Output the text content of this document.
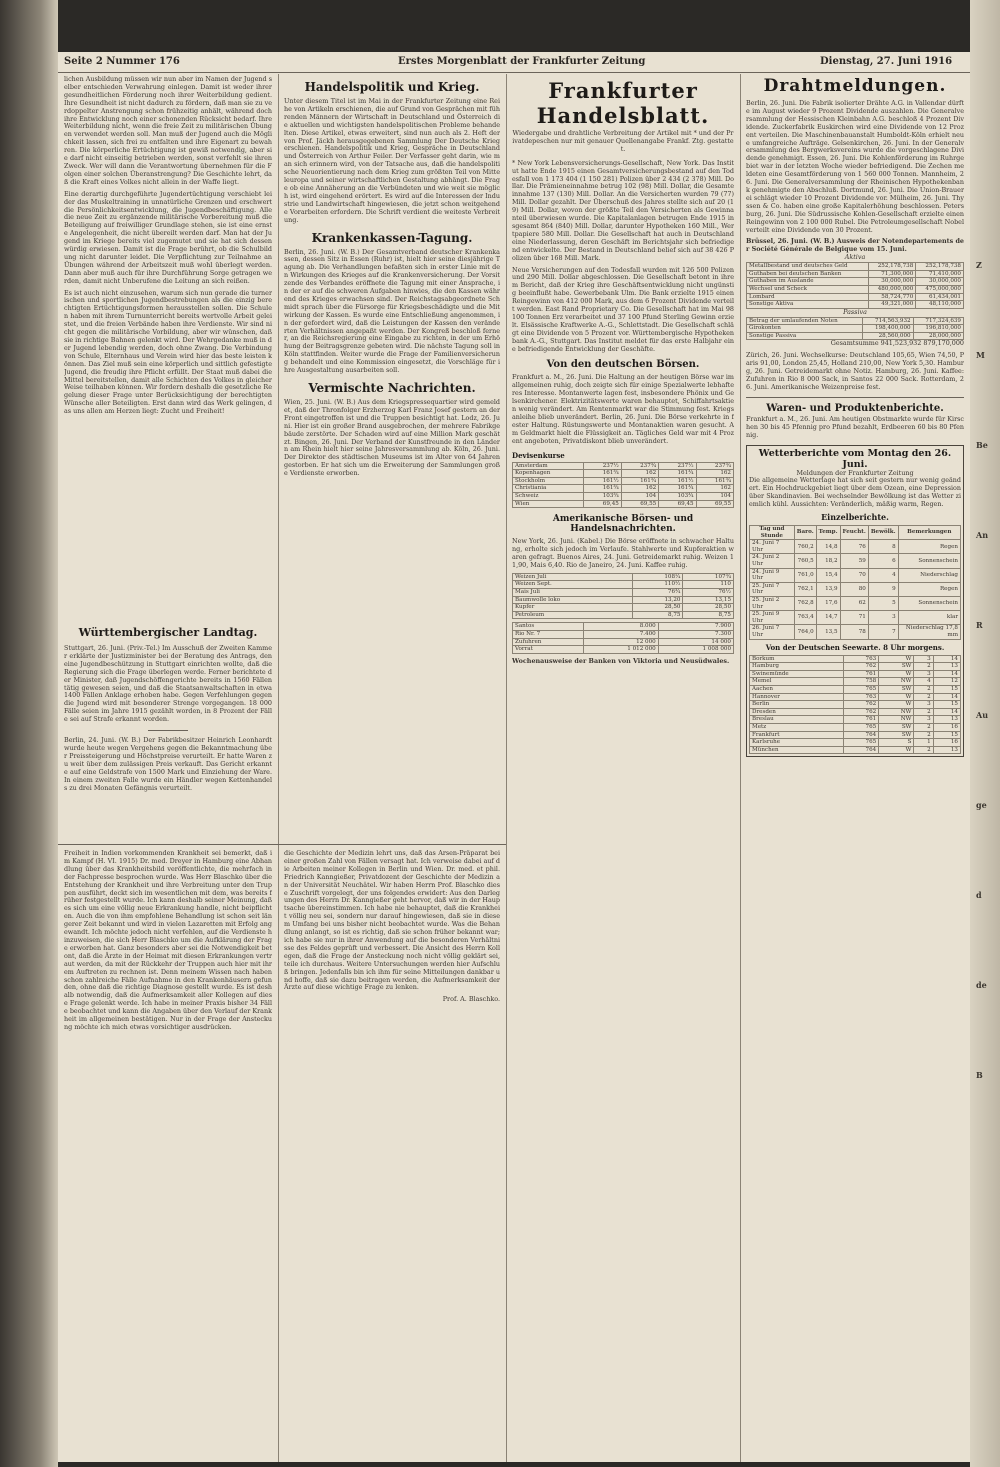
Z
M
Be
An
R
Au
ge
d
de
B
Seite 2 Nummer 176	Erstes Morgenblatt der Frankfurter Zeitung	Dienstag, 27. Juni 1916
lichen Ausbildung müssen wir nun aber im Namen der Jugend selber entschieden Verwahrung einlegen. Damit ist weder ihrer gesundheitlichen Förderung noch ihrer Weiterbildung gedient. Ihre Gesundheit ist nicht dadurch zu fördern, daß man sie zu verdoppelter Anstrengung schon frühzeitig anhält, während doch ihre Entwicklung noch einer schonenden Rücksicht bedarf. Ihre Weiterbildung nicht, wenn die freie Zeit zu militärischen Übungen verwendet werden soll. Man muß der Jugend auch die Möglichkeit lassen, sich frei zu entfalten und ihre Eigenart zu bewahren. Die körperliche Ertüchtigung ist gewiß notwendig, aber sie darf nicht einseitig betrieben werden, sonst verfehlt sie ihren Zweck. Wer will dann die Verantwortung übernehmen für die Folgen einer solchen Überanstrengung? Die Geschichte lehrt, daß die Kraft eines Volkes nicht allein in der Waffe liegt.
Eine derartig durchgeführte Jugendertüchtigung verschiebt leider das Muskeltraining in unnatürliche Grenzen und erschwert die Persönlichkeitsentwicklung, die Jugendbeschäftigung. Alle die neue Zeit zu ergänzende militärische Vorbereitung muß die Beteiligung auf freiwilliger Grundlage stehen, sie ist eine ernste Angelegenheit, die nicht übereilt werden darf. Man hat der Jugend im Kriege bereits viel zugemutet und sie hat sich dessen würdig erwiesen. Damit ist die Frage berührt, ob die Schulbildung nicht darunter leidet. Die Verpflichtung zur Teilnahme an Übungen während der Arbeitszeit muß wohl überlegt werden. Dann aber muß auch für ihre Durchführung Sorge getragen werden, damit nicht Unberufene die Leitung an sich reißen.
Es ist auch nicht einzusehen, warum sich nun gerade die turnerischen und sportlichen Jugendbestrebungen als die einzig berechtigten Ertüchtigungsformen herausstellen sollen. Die Schulen haben mit ihrem Turnunterricht bereits wertvolle Arbeit geleistet, und die freien Verbände haben ihre Verdienste. Wir sind nicht gegen die militärische Vorbildung, aber wir wünschen, daß sie in richtige Bahnen gelenkt wird. Der Wehrgedanke muß in der Jugend lebendig werden, doch ohne Zwang. Die Verbindung von Schule, Elternhaus und Verein wird hier das beste leisten können. Das Ziel muß sein eine körperlich und sittlich gefestigte Jugend, die freudig ihre Pflicht erfüllt. Der Staat muß dabei die Mittel bereitstellen, damit alle Schichten des Volkes in gleicher Weise teilhaben können. Wir fordern deshalb die gesetzliche Regelung dieser Frage unter Berücksichtigung der berechtigten Wünsche aller Beteiligten. Erst dann wird das Werk gelingen, das uns allen am Herzen liegt: Zucht und Freiheit!
Württembergischer Landtag.
Stuttgart, 26. Juni. (Priv.-Tel.) Im Ausschuß der Zweiten Kammer erklärte der Justizminister bei der Beratung des Antrags, den eine Jugendbeschützung in Stuttgart einrichten wollte, daß die Regierung sich die Frage überlegen werde. Ferner berichtete der Minister, daß Jugendschöffengerichte bereits in 1560 Fällen tätig gewesen seien, und daß die Staatsanwaltschaften in etwa 1400 Fällen Anklage erhoben habe. Gegen Verfehlungen gegen die Jugend wird mit besonderer Strenge vorgegangen. 18 000 Fälle seien im Jahre 1915 gezählt worden, in 8 Prozent der Fälle sei auf Strafe erkannt worden.
Berlin, 24. Juni. (W. B.) Der Fabrikbesitzer Heinrich Leonhardt wurde heute wegen Vergehens gegen die Bekanntmachung über Preissteigerung und Höchstpreise verurteilt. Er hatte Waren zu weit über dem zulässigen Preis verkauft. Das Gericht erkannte auf eine Geldstrafe von 1500 Mark und Einziehung der Ware. In einem zweiten Falle wurde ein Händler wegen Kettenhandels zu drei Monaten Gefängnis verurteilt.
Handelspolitik und Krieg.
Unter diesem Titel ist im Mai in der Frankfurter Zeitung eine Reihe von Artikeln erschienen, die auf Grund von Gesprächen mit führenden Männern der Wirtschaft in Deutschland und Österreich die aktuellen und wichtigsten handelspolitischen Probleme behandelten. Diese Artikel, etwas erweitert, sind nun auch als 2. Heft der von Prof. Jäckh herausgegebenen Sammlung Der Deutsche Krieg erschienen. Handelspolitik und Krieg, Gespräche in Deutschland und Österreich von Arthur Feiler. Der Verfasser geht darin, wie man sich erinnern wird, von der Tatsache aus, daß die handelspolitische Neuorientierung nach dem Krieg zum größten Teil von Mitteleuropa und seiner wirtschaftlichen Gestaltung abhängt. Die Frage ob eine Annäherung an die Verbündeten und wie weit sie möglich ist, wird eingehend erörtert. Es wird auf die Interessen der Industrie und Landwirtschaft hingewiesen, die jetzt schon weitgehende Vorarbeiten erfordern. Die Schrift verdient die weiteste Verbreitung.
Krankenkassen-Tagung.
Berlin, 26. Juni. (W. B.) Der Gesamtverband deutscher Krankenkassen, dessen Sitz in Essen (Ruhr) ist, hielt hier seine diesjährige Tagung ab. Die Verhandlungen befaßten sich in erster Linie mit den Wirkungen des Krieges auf die Krankenversicherung. Der Vorsitzende des Verbandes eröffnete die Tagung mit einer Ansprache, in der er auf die schweren Aufgaben hinwies, die den Kassen während des Krieges erwachsen sind. Der Reichstagsabgeordnete Schmidt sprach über die Fürsorge für Kriegsbeschädigte und die Mitwirkung der Kassen. Es wurde eine Entschließung angenommen, in der gefordert wird, daß die Leistungen der Kassen den veränderten Verhältnissen angepaßt werden. Der Kongreß beschloß ferner, an die Reichsregierung eine Eingabe zu richten, in der um Erhöhung der Beitragsgrenze gebeten wird. Die nächste Tagung soll in Köln stattfinden. Weiter wurde die Frage der Familienversicherung behandelt und eine Kommission eingesetzt, die Vorschläge für ihre Ausgestaltung ausarbeiten soll.
Vermischte Nachrichten.
Wien, 25. Juni. (W. B.) Aus dem Kriegspressequartier wird gemeldet, daß der Thronfolger Erzherzog Karl Franz Josef gestern an der Front eingetroffen ist und die Truppen besichtigt hat. Lodz, 26. Juni. Hier ist ein großer Brand ausgebrochen, der mehrere Fabrikgebäude zerstörte. Der Schaden wird auf eine Million Mark geschätzt. Bingen, 26. Juni. Der Verband der Kunstfreunde in den Ländern am Rhein hielt hier seine Jahresversammlung ab. Köln, 26. Juni. Der Direktor des städtischen Museums ist im Alter von 64 Jahren gestorben. Er hat sich um die Erweiterung der Sammlungen große Verdienste erworben.
Freiheit in Indien vorkommenden Krankheit sei bemerkt, daß im Kampf (H. VI. 1915) Dr. med. Dreyer in Hamburg eine Abhandlung über das Krankheitsbild veröffentlichte, die mehrfach in der Fachpresse besprochen wurde. Was Herr Blaschko über die Entstehung der Krankheit und ihre Verbreitung unter den Truppen ausführt, deckt sich im wesentlichen mit dem, was bereits früher festgestellt wurde. Ich kann deshalb seiner Meinung, daß es sich um eine völlig neue Erkrankung handle, nicht beipflichten. Auch die von ihm empfohlene Behandlung ist schon seit längerer Zeit bekannt und wird in vielen Lazaretten mit Erfolg angewandt. Ich möchte jedoch nicht verfehlen, auf die Verdienste hinzuweisen, die sich Herr Blaschko um die Aufklärung der Frage erworben hat. Ganz besonders aber sei die Notwendigkeit betont, daß die Ärzte in der Heimat mit diesen Erkrankungen vertraut werden, da mit der Rückkehr der Truppen auch hier mit ihrem Auftreten zu rechnen ist. Denn meinem Wissen nach haben schon zahlreiche Fälle Aufnahme in den Krankenhäusern gefunden, ohne daß die richtige Diagnose gestellt wurde. Es ist deshalb notwendig, daß die Aufmerksamkeit aller Kollegen auf diese Frage gelenkt werde. Ich habe in meiner Praxis bisher 34 Fälle beobachtet und kann die Angaben über den Verlauf der Krankheit im allgemeinen bestätigen. Nur in der Frage der Ansteckung möchte ich mich etwas vorsichtiger ausdrücken.
die Geschichte der Medizin lehrt uns, daß das Arsen-Präparat bei einer großen Zahl von Fällen versagt hat. Ich verweise dabei auf die Arbeiten meiner Kollegen in Berlin und Wien. Dr. med. et phil. Friedrich Kanngießer, Privatdozent der Geschichte der Medizin an der Universität Neuchâtel. Wir haben Herrn Prof. Blaschko diese Zuschrift vorgelegt, der uns folgendes erwidert: Aus den Darlegungen des Herrn Dr. Kanngießer geht hervor, daß wir in der Hauptsache übereinstimmen. Ich habe nie behauptet, daß die Krankheit völlig neu sei, sondern nur darauf hingewiesen, daß sie in diesem Umfang bei uns bisher nicht beobachtet wurde. Was die Behandlung anlangt, so ist es richtig, daß sie schon früher bekannt war; ich habe sie nur in ihrer Anwendung auf die besonderen Verhältnisse des Feldes geprüft und verbessert. Die Ansicht des Herrn Kollegen, daß die Frage der Ansteckung noch nicht völlig geklärt sei, teile ich durchaus. Weitere Untersuchungen werden hier Aufschluß bringen. Jedenfalls bin ich ihm für seine Mitteilungen dankbar und hoffe, daß sie dazu beitragen werden, die Aufmerksamkeit der Ärzte auf diese wichtige Frage zu lenken.
Prof. A. Blaschko.
Frankfurter Handelsblatt.
Wiedergabe und drahtliche Verbreitung der Artikel mit * und der Privatdepeschen nur mit genauer Quellenangabe Frankf. Ztg. gestattet.
* New York Lebensversicherungs-Gesellschaft, New York. Das Institut hatte Ende 1915 einen Gesamtversicherungsbestand auf den Todesfall von 1 173 404 (1 150 281) Polizen über 2 434 (2 378) Mill. Dollar. Die Prämieneinnahme betrug 102 (98) Mill. Dollar, die Gesamteinnahme 137 (130) Mill. Dollar. An die Versicherten wurden 79 (77) Mill. Dollar gezahlt. Der Überschuß des Jahres stellte sich auf 20 (19) Mill. Dollar, wovon der größte Teil den Versicherten als Gewinnanteil überwiesen wurde. Die Kapitalanlagen betrugen Ende 1915 insgesamt 864 (840) Mill. Dollar, darunter Hypotheken 160 Mill., Wertpapiere 580 Mill. Dollar. Die Gesellschaft hat auch in Deutschland eine Niederlassung, deren Geschäft im Berichtsjahr sich befriedigend entwickelte. Der Bestand in Deutschland belief sich auf 38 426 Polizen über 168 Mill. Mark.
Neue Versicherungen auf den Todesfall wurden mit 126 500 Polizen und 290 Mill. Dollar abgeschlossen. Die Gesellschaft betont in ihrem Bericht, daß der Krieg ihre Geschäftsentwicklung nicht ungünstig beeinflußt habe. Gewerbebank Ulm. Die Bank erzielte 1915 einen Reingewinn von 412 000 Mark, aus dem 6 Prozent Dividende verteilt werden. East Rand Proprietary Co. Die Gesellschaft hat im Mai 98 100 Tonnen Erz verarbeitet und 37 100 Pfund Sterling Gewinn erzielt. Elsässische Kraftwerke A.-G., Schlettstadt. Die Gesellschaft schlägt eine Dividende von 5 Prozent vor. Württembergische Hypothekenbank A.-G., Stuttgart. Das Institut meldet für das erste Halbjahr eine befriedigende Entwicklung der Geschäfte.
Von den deutschen Börsen.
Frankfurt a. M., 26. Juni. Die Haltung an der heutigen Börse war im allgemeinen ruhig, doch zeigte sich für einige Spezialwerte lebhafteres Interesse. Montanwerte lagen fest, insbesondere Phönix und Gelsenkirchener. Elektrizitätswerte waren behauptet, Schiffahrtsaktien wenig verändert. Am Rentenmarkt war die Stimmung fest. Kriegsanleihe blieb unverändert. Berlin, 26. Juni. Die Börse verkehrte in fester Haltung. Rüstungswerte und Montanaktien waren gesucht. Am Geldmarkt hielt die Flüssigkeit an. Tägliches Geld war mit 4 Prozent angeboten, Privatdiskont blieb unverändert.
Devisenkurse
Amsterdam	237½	237¾	237½	237¾
Kopenhagen	161¾	162	161¾	162
Stockholm	161½	161¾	161½	161¾
Christiania	161¾	162	161¾	162
Schweiz	103¾	104	103¾	104
Wien	69,45	69,55	69,45	69,55
Amerikanische Börsen- und Handelsnachrichten.
New York, 26. Juni. (Kabel.) Die Börse eröffnete in schwacher Haltung, erholte sich jedoch im Verlaufe. Stahlwerte und Kupferaktien waren gefragt. Buenos Aires, 24. Juni. Getreidemarkt ruhig. Weizen 11,90, Mais 6,40. Rio de Janeiro, 24. Juni. Kaffee ruhig.
Weizen Juli	108¼	107¾
Weizen Sept.	110½	110
Mais Juli	76¾	76½
Baumwolle loko	13,20	13,15
Kupfer	28,50	28,50
Petroleum	8,75	8,75
Santos	8.000	7.900
Rio Nr. 7	7.400	7.300
Zufuhren	12 000	14 000
Vorrat	1 012 000	1 008 000
Wochenausweise der Banken von Viktoria und Neusüdwales.
Drahtmeldungen.
Berlin, 26. Juni. Die Fabrik isolierter Drähte A.G. in Vallendar dürfte im August wieder 9 Prozent Dividende auszahlen. Die Generalversammlung der Hessischen Kleinbahn A.G. beschloß 4 Prozent Dividende. Zuckerfabrik Euskirchen wird eine Dividende von 12 Prozent verteilen. Die Maschinenbauanstalt Humboldt-Köln erhielt neue umfangreiche Aufträge. Gelsenkirchen, 26. Juni. In der Generalversammlung des Bergwerksvereins wurde die vorgeschlagene Dividende genehmigt. Essen, 26. Juni. Die Kohlenförderung im Ruhrgebiet war in der letzten Woche wieder befriedigend. Die Zechen meldeten eine Gesamtförderung von 1 560 000 Tonnen. Mannheim, 26. Juni. Die Generalversammlung der Rheinischen Hypothekenbank genehmigte den Abschluß. Dortmund, 26. Juni. Die Union-Brauerei schlägt wieder 10 Prozent Dividende vor. Mülheim, 26. Juni. Thyssen & Co. haben eine große Kapitalerhöhung beschlossen. Petersburg, 26. Juni. Die Südrussische Kohlen-Gesellschaft erzielte einen Reingewinn von 2 100 000 Rubel. Die Petroleumgesellschaft Nobel verteilt eine Dividende von 30 Prozent.
Brüssel, 26. Juni. (W. B.) Ausweis der Notendepartements der Société Générale de Belgique vom 15. Juni.
Aktiva
Metallbestand und deutsches Geld	252,178,738	252,178,738
Guthaben bei deutschen Banken	71,300,000	71,410,000
Guthaben im Auslande	30,000,000	30,000,000
Wechsel und Scheck	480,000,000	475,000,000
Lombard	58,724,770	61,434,001
Sonstige Aktiva	49,321,000	48,110,000
Passiva
Betrag der umlaufenden Noten	714,563,932	717,324,639
Girokonten	198,400,000	196,810,000
Sonstige Passiva	28,560,000	28,000,000
Gesamtsumme 941,523,932 879,170,000
Zürich, 26. Juni. Wechselkurse: Deutschland 105,65, Wien 74,50, Paris 91,00, London 25,45, Holland 210,00, New York 5,30. Hamburg, 26. Juni. Getreidemarkt ohne Notiz. Hamburg, 26. Juni. Kaffee: Zufuhren in Rio 8 000 Sack, in Santos 22 000 Sack. Rotterdam, 26. Juni. Amerikanische Weizenpreise fest.
Waren- und Produktenberichte.
Frankfurt a. M., 26. Juni. Am heutigen Obstmarkte wurde für Kirschen 30 bis 45 Pfennig pro Pfund bezahlt, Erdbeeren 60 bis 80 Pfennig.
Wetterberichte vom Montag den 26. Juni.
Meldungen der Frankfurter Zeitung
Die allgemeine Wetterlage hat sich seit gestern nur wenig geändert. Ein Hochdruckgebiet liegt über dem Ozean, eine Depression über Skandinavien. Bei wechselnder Bewölkung ist das Wetter ziemlich kühl. Aussichten: Veränderlich, mäßig warm, Regen.
Einzelberichte.
Tag und Stunde	Baro.	Temp.	Feucht.	Bewölk.	Bemerkungen
24. Juni 7 Uhr	760,2	14,8	76	8	Regen
24. Juni 2 Uhr	760,5	18,2	59	6	Sonnenschein
24. Juni 9 Uhr	761,0	15,4	70	4	Niederschlag
25. Juni 7 Uhr	762,1	13,9	80	9	Regen
25. Juni 2 Uhr	762,8	17,6	62	5	Sonnenschein
25. Juni 9 Uhr	763,4	14,7	71	3	klar
26. Juni 7 Uhr	764,0	13,5	78	7	Niederschlag 17,8 mm
Von der Deutschen Seewarte. 8 Uhr morgens.
Borkum	763	W	3	14
Hamburg	762	SW	2	13
Swinemünde	761	W	3	14
Memel	758	NW	4	12
Aachen	765	SW	2	15
Hannover	763	W	2	14
Berlin	762	W	3	15
Dresden	762	NW	2	14
Breslau	761	NW	3	13
Metz	765	SW	2	16
Frankfurt	764	SW	2	15
Karlsruhe	765	S	1	16
München	764	W	2	13
